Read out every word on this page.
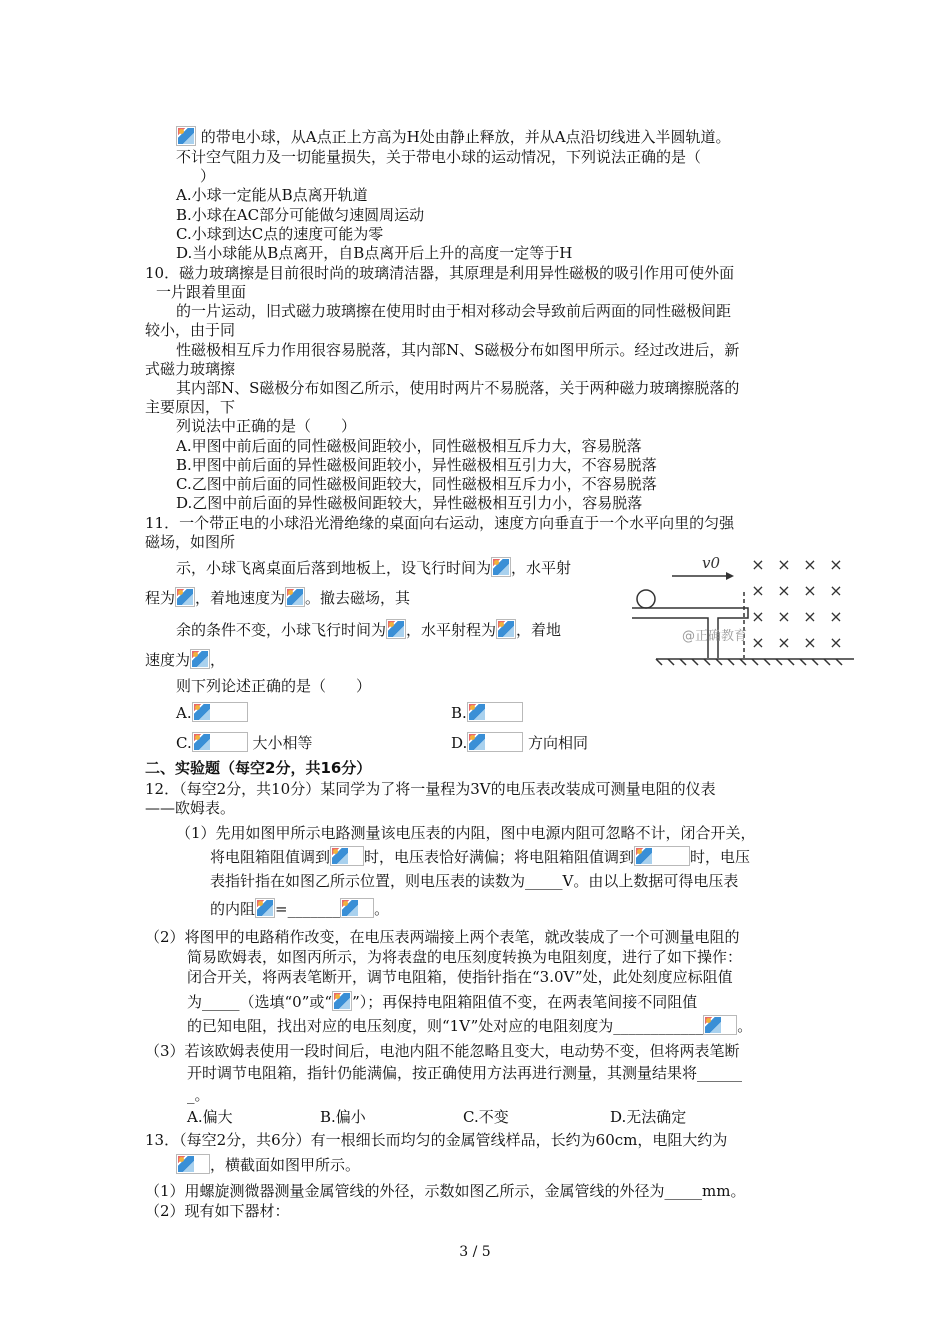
的带电小球，从A点正上方高为H处由静止释放，并从A点沿切线进入半圆轨道。
不计空气阻力及一切能量损失，关于带电小球的运动情况，下列说法正确的是（
）
A.小球一定能从B点离开轨道
B.小球在AC部分可能做匀速圆周运动
C.小球到达C点的速度可能为零
D.当小球能从B点离开，自B点离开后上升的高度一定等于H
10．磁力玻璃擦是目前很时尚的玻璃清洁器，其原理是利用异性磁极的吸引作用可使外面
一片跟着里面
的一片运动，旧式磁力玻璃擦在使用时由于相对移动会导致前后两面的同性磁极间距
较小，由于同
性磁极相互斥力作用很容易脱落，其内部N、S磁极分布如图甲所示。经过改进后，新
式磁力玻璃擦
其内部N、S磁极分布如图乙所示，使用时两片不易脱落，关于两种磁力玻璃擦脱落的
主要原因，下
列说法中正确的是（　　）
A.甲图中前后面的同性磁极间距较小，同性磁极相互斥力大，容易脱落
B.甲图中前后面的异性磁极间距较小，异性磁极相互引力大，不容易脱落
C.乙图中前后面的同性磁极间距较大，同性磁极相互斥力小，不容易脱落
D.乙图中前后面的异性磁极间距较大，异性磁极相互引力小，容易脱落
11．一个带正电的小球沿光滑绝缘的桌面向右运动，速度方向垂直于一个水平向里的匀强
磁场，如图所
示，小球飞离桌面后落到地板上，设飞行时间为 ，水平射
程为 ，着地速度为 。撤去磁场，其
余的条件不变，小球飞行时间为 ，水平射程为 ，着地
速度为 ，
则下列论述正确的是（　　）
A.	B.
C.	大小相等	D.	方向相同
v0 × × × ×
× × × ×
× × × ×
× × × ×
@正确教育
二、实验题（每空2分，共16分）
12．（每空2分，共10分）某同学为了将一量程为3V的电压表改装成可测量电阻的仪表
——欧姆表。
（1）先用如图甲所示电路测量该电压表的内阻，图中电源内阻可忽略不计，闭合开关，
将电阻箱阻值调到 时，电压表恰好满偏；将电阻箱阻值调到	时，电压
表指针指在如图乙所示位置，则电压表的读数为_____V。由以上数据可得电压表
的内阻 =_______ 。
（2）将图甲的电路稍作改变，在电压表两端接上两个表笔，就改装成了一个可测量电阻的
简易欧姆表，如图丙所示，为将表盘的电压刻度转换为电阻刻度，进行了如下操作：
闭合开关，将两表笔断开，调节电阻箱，使指针指在“3.0V”处，此处刻度应标阻值
为_____（选填“0”或“ ”）；再保持电阻箱阻值不变，在两表笔间接不同阻值
的已知电阻，找出对应的电压刻度，则“1V”处对应的电阻刻度为____________ 。
（3）若该欧姆表使用一段时间后，电池内阻不能忽略且变大，电动势不变，但将两表笔断
开时调节电阻箱，指针仍能满偏，按正确使用方法再进行测量，其测量结果将______
_。
A.偏大	B.偏小	C.不变	D.无法确定
13．（每空2分，共6分）有一根细长而均匀的金属管线样品，长约为60cm，电阻大约为
，横截面如图甲所示。
（1）用螺旋测微器测量金属管线的外径，示数如图乙所示，金属管线的外径为_____mm。
（2）现有如下器材：
3 / 5
